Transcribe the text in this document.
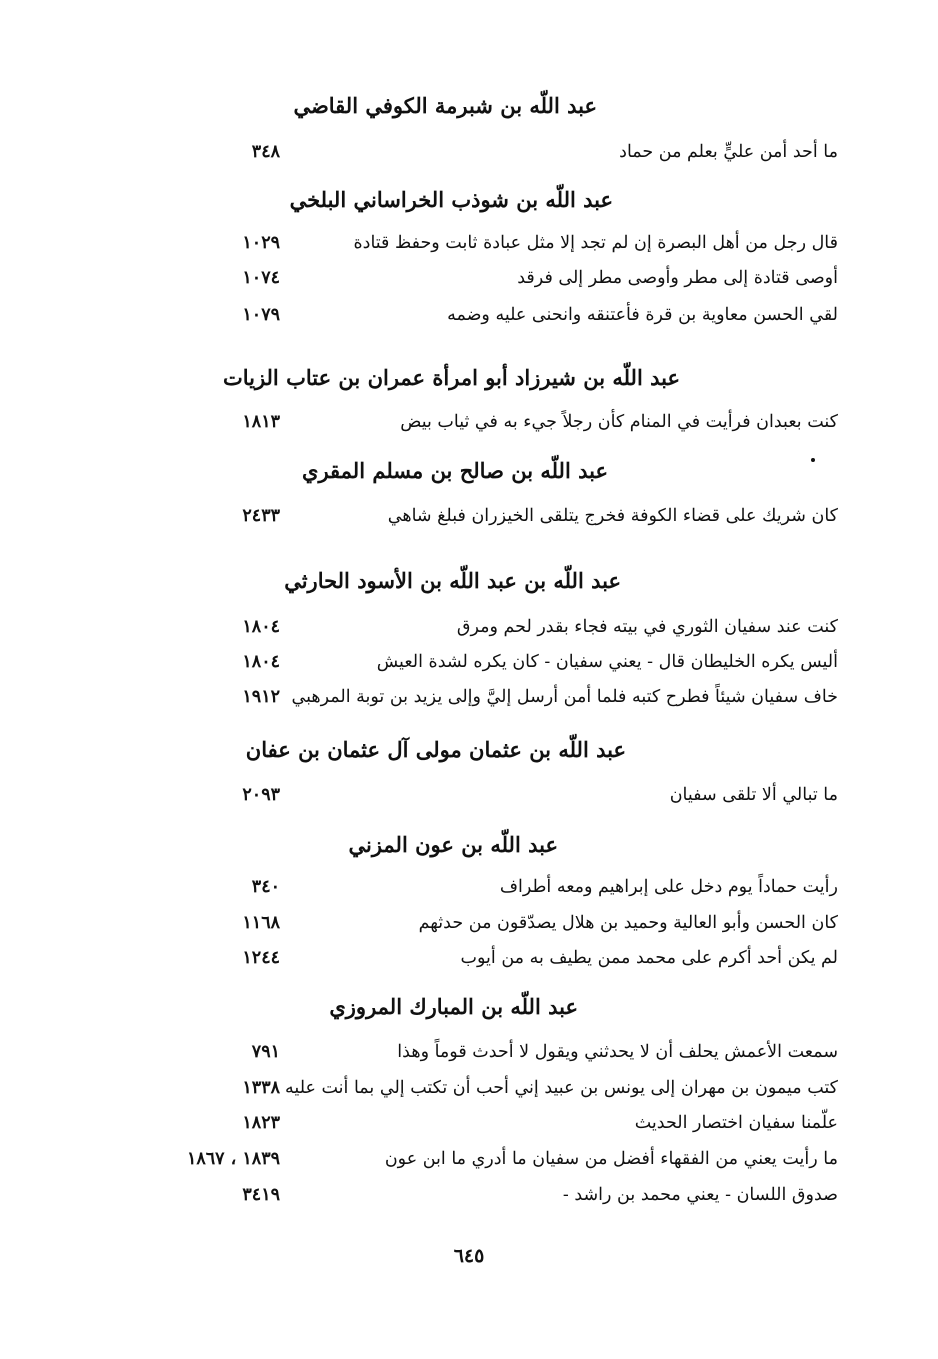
عبد اللّه بن شبرمة الكوفي القاضي
ما أحد أمن عليٍّ بعلم من حماد
٣٤٨
عبد اللّه بن شوذب الخراساني البلخي
قال رجل من أهل البصرة إن لم تجد إلا مثل عبادة ثابت وحفظ قتادة
١٠٢٩
أوصى قتادة إلى مطر وأوصى مطر إلى فرقد
١٠٧٤
لقي الحسن معاوية بن قرة فأعتنقه وانحنى عليه وضمه
١٠٧٩
عبد اللّه بن شيرزاد أبو امرأة عمران بن عتاب الزيات
كنت بعبدان فرأيت في المنام كأن رجلاً جيء به في ثياب بيض
١٨١٣
عبد اللّه بن صالح بن مسلم المقري
كان شريك على قضاء الكوفة فخرج يتلقى الخيزران فبلغ شاهي
٢٤٣٣
عبد اللّه بن عبد اللّه بن الأسود الحارثي
كنت عند سفيان الثوري في بيته فجاء بقدر لحم ومرق
١٨٠٤
أليس يكره الخليطان قال - يعني سفيان - كان يكره لشدة العيش
١٨٠٤
خاف سفيان شيئاً فطرح كتبه فلما أمن أرسل إليَّ وإلى يزيد بن توبة المرهبي
١٩١٢
عبد اللّه بن عثمان مولى آل عثمان بن عفان
ما تبالي ألا تلقى سفيان
٢٠٩٣
عبد اللّه بن عون المزني
رأيت حماداً يوم دخل على إبراهيم ومعه أطراف
٣٤٠
كان الحسن وأبو العالية وحميد بن هلال يصدّقون من حدثهم
١١٦٨
لم يكن أحد أكرم على محمد ممن يطيف به من أيوب
١٢٤٤
عبد اللّه بن المبارك المروزي
سمعت الأعمش يحلف أن لا يحدثني ويقول لا أحدث قوماً وهذا
٧٩١
كتب ميمون بن مهران إلى يونس بن عبيد إني أحب أن تكتب إلي بما أنت عليه
١٣٣٨
علّمنا سفيان اختصار الحديث
١٨٢٣
ما رأيت يعني من الفقهاء أفضل من سفيان ما أدري ما ابن عون
١٨٣٩ ، ١٨٦٧
صدوق اللسان - يعني محمد بن راشد -
٣٤١٩
٦٤٥
